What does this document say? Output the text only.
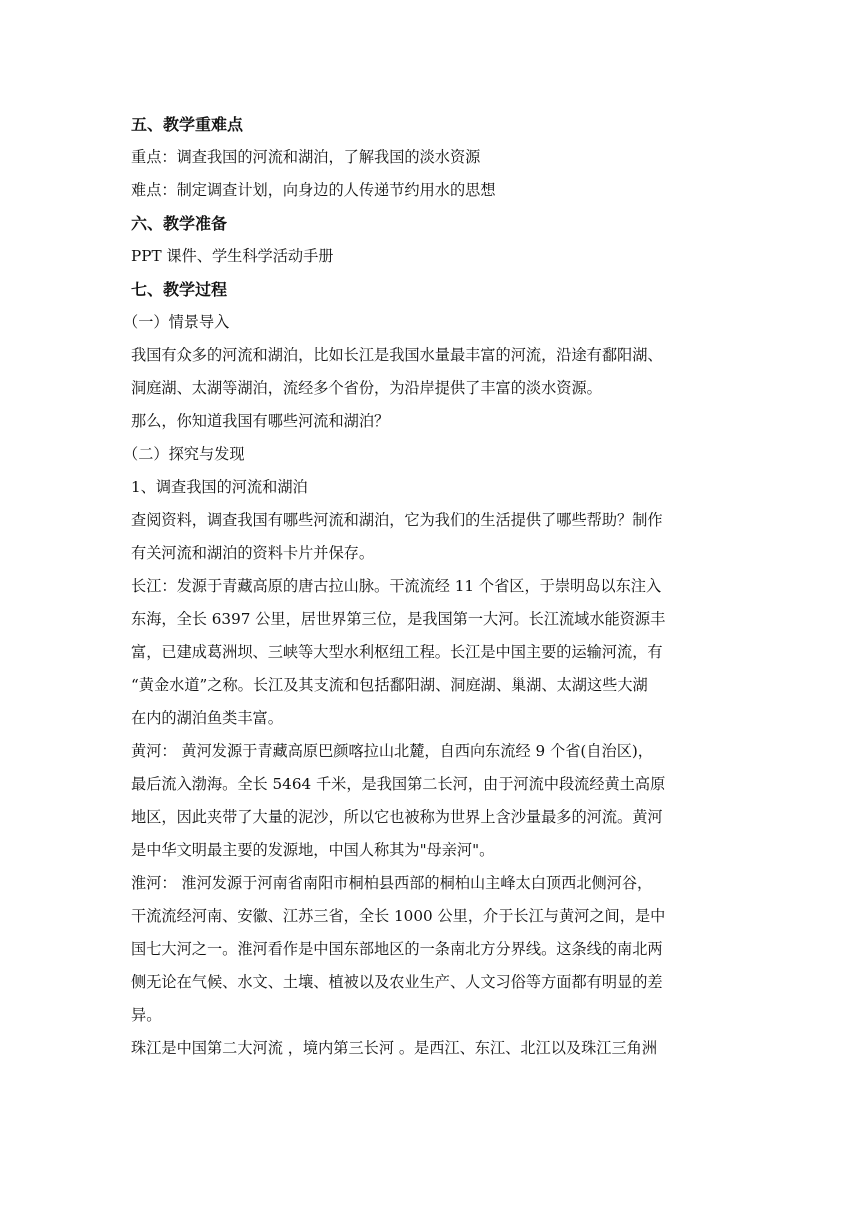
五、教学重难点
重点：调查我国的河流和湖泊，了解我国的淡水资源
难点：制定调查计划，向身边的人传递节约用水的思想
六、教学准备
PPT 课件、学生科学活动手册
七、教学过程
（一）情景导入
我国有众多的河流和湖泊，比如长江是我国水量最丰富的河流，沿途有鄱阳湖、
洞庭湖、太湖等湖泊，流经多个省份，为沿岸提供了丰富的淡水资源。
那么，你知道我国有哪些河流和湖泊？
（二）探究与发现
1、调查我国的河流和湖泊
查阅资料，调查我国有哪些河流和湖泊，它为我们的生活提供了哪些帮助？制作
有关河流和湖泊的资料卡片并保存。
长江：发源于青藏高原的唐古拉山脉。干流流经 11 个省区，于崇明岛以东注入
东海，全长 6397 公里，居世界第三位，是我国第一大河。长江流域水能资源丰
富，已建成葛洲坝、三峡等大型水利枢纽工程。长江是中国主要的运输河流，有
“黄金水道”之称。长江及其支流和包括鄱阳湖、洞庭湖、巢湖、太湖这些大湖
在内的湖泊鱼类丰富。
黄河： 黄河发源于青藏高原巴颜喀拉山北麓，自西向东流经 9 个省(自治区)，
最后流入渤海。全长 5464 千米，是我国第二长河，由于河流中段流经黄土高原
地区，因此夹带了大量的泥沙，所以它也被称为世界上含沙量最多的河流。黄河
是中华文明最主要的发源地，中国人称其为"母亲河"。
淮河： 淮河发源于河南省南阳市桐柏县西部的桐柏山主峰太白顶西北侧河谷，
干流流经河南、安徽、江苏三省，全长 1000 公里，介于长江与黄河之间，是中
国七大河之一。淮河看作是中国东部地区的一条南北方分界线。这条线的南北两
侧无论在气候、水文、土壤、植被以及农业生产、人文习俗等方面都有明显的差
异。
珠江是中国第二大河流 ，境内第三长河 。是西江、东江、北江以及珠江三角洲
